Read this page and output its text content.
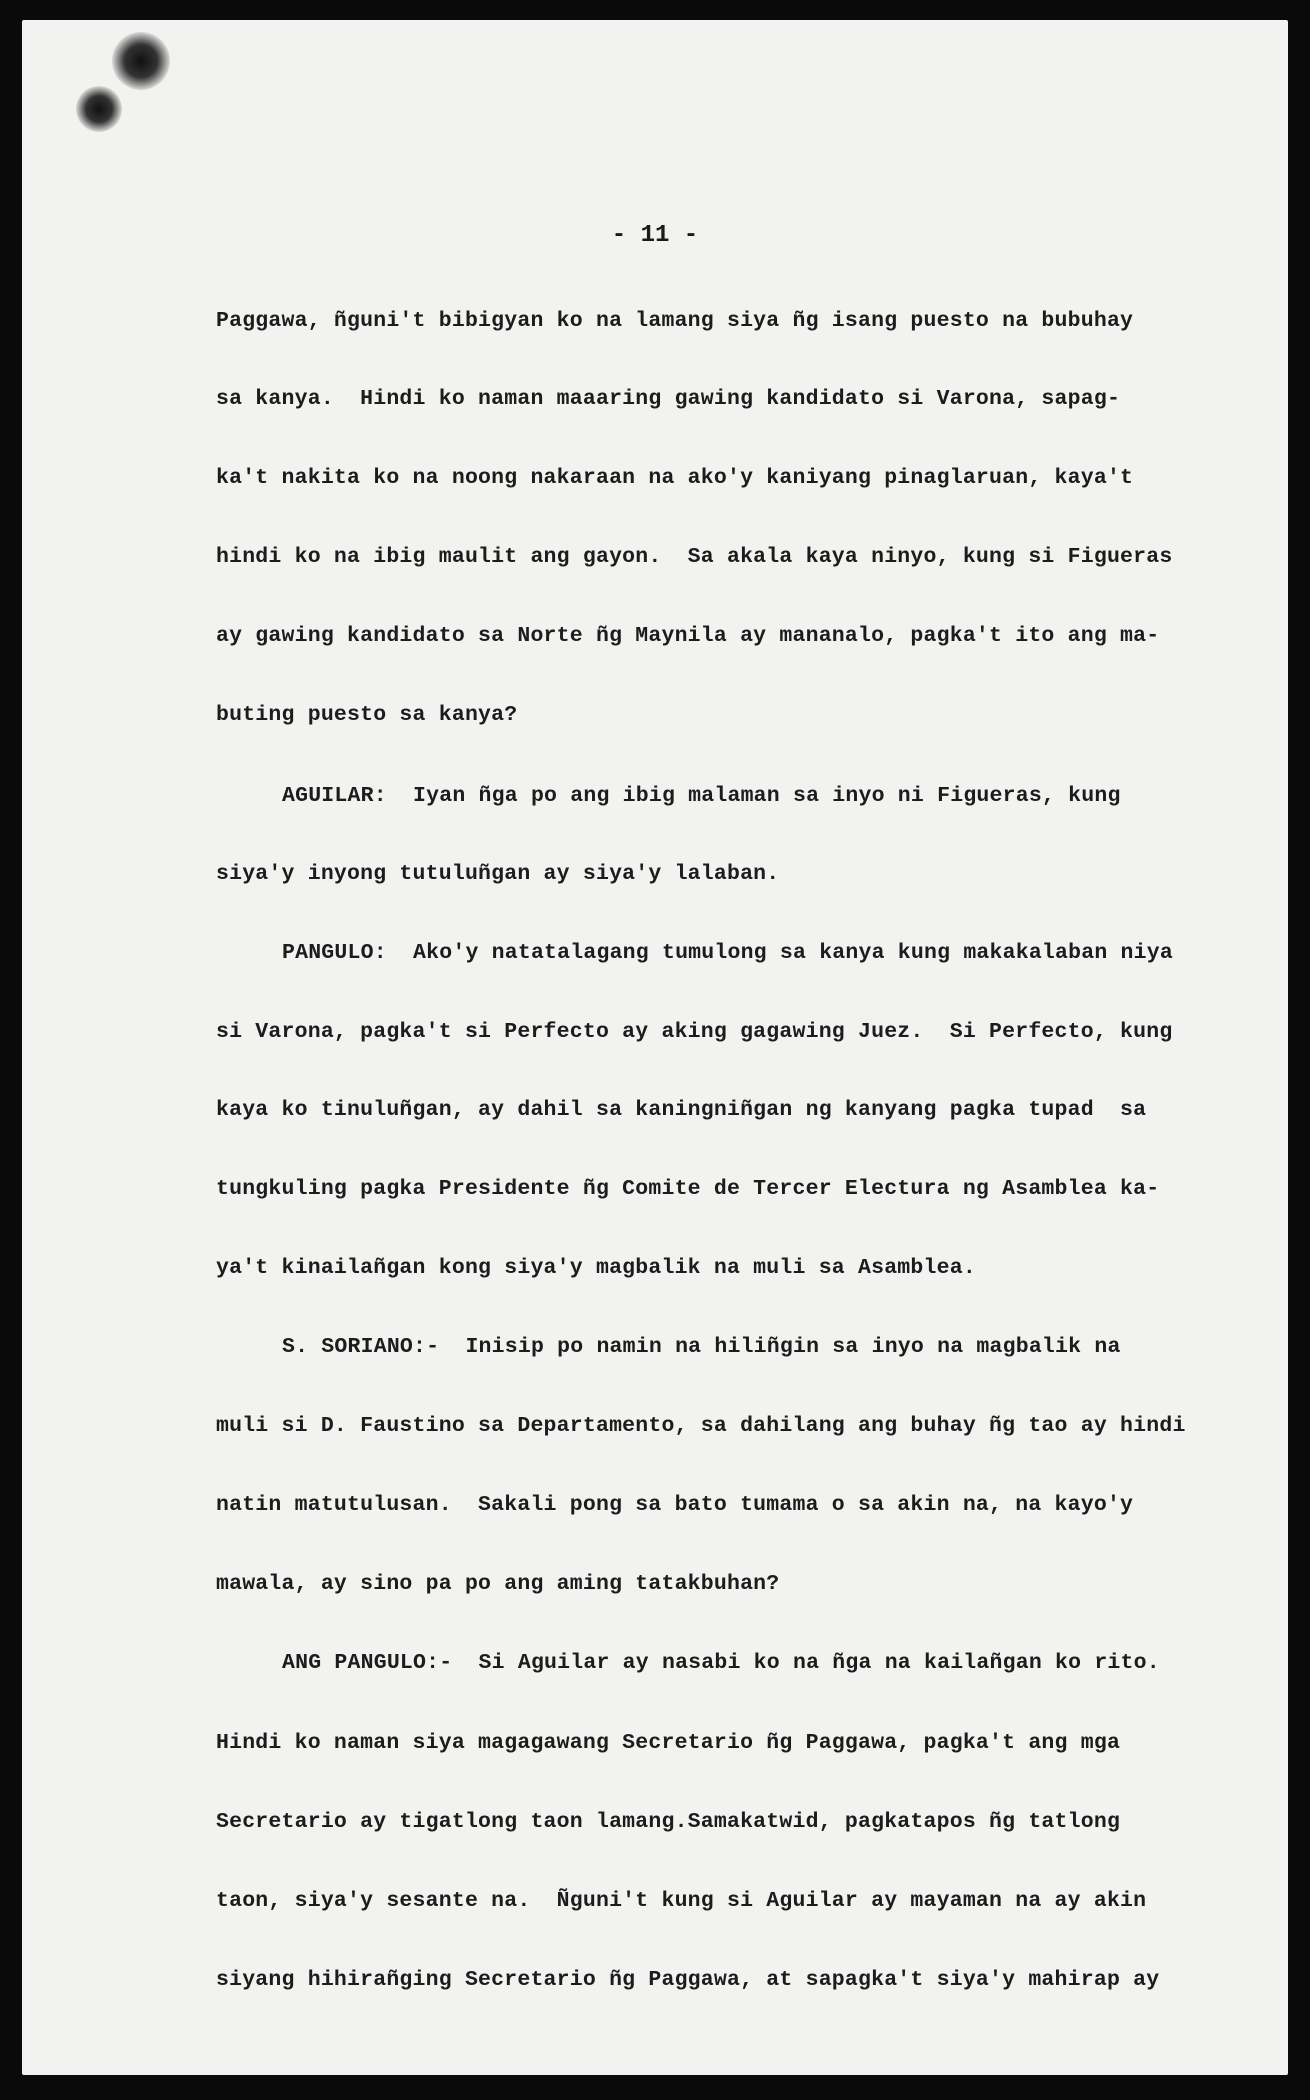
- 11 -
Paggawa, ñguni't bibigyan ko na lamang siya ñg isang puesto na bubuhay
sa kanya.  Hindi ko naman maaaring gawing kandidato si Varona, sapag-
ka't nakita ko na noong nakaraan na ako'y kaniyang pinaglaruan, kaya't
hindi ko na ibig maulit ang gayon.  Sa akala kaya ninyo, kung si Figueras
ay gawing kandidato sa Norte ñg Maynila ay mananalo, pagka't ito ang ma-
buting puesto sa kanya?
AGUILAR:  Iyan ñga po ang ibig malaman sa inyo ni Figueras, kung
siya'y inyong tutuluñgan ay siya'y lalaban.
PANGULO:  Ako'y natatalagang tumulong sa kanya kung makakalaban niya
si Varona, pagka't si Perfecto ay aking gagawing Juez.  Si Perfecto, kung
kaya ko tinuluñgan, ay dahil sa kaningniñgan ng kanyang pagka tupad  sa
tungkuling pagka Presidente ñg Comite de Tercer Electura ng Asamblea ka-
ya't kinailañgan kong siya'y magbalik na muli sa Asamblea.
S. SORIANO:-  Inisip po namin na hiliñgin sa inyo na magbalik na
muli si D. Faustino sa Departamento, sa dahilang ang buhay ñg tao ay hindi
natin matutulusan.  Sakali pong sa bato tumama o sa akin na, na kayo'y
mawala, ay sino pa po ang aming tatakbuhan?
ANG PANGULO:-  Si Aguilar ay nasabi ko na ñga na kailañgan ko rito.
Hindi ko naman siya magagawang Secretario ñg Paggawa, pagka't ang mga
Secretario ay tigatlong taon lamang.Samakatwid, pagkatapos ñg tatlong
taon, siya'y sesante na.  Ñguni't kung si Aguilar ay mayaman na ay akin
siyang hihirañging Secretario ñg Paggawa, at sapagka't siya'y mahirap ay
